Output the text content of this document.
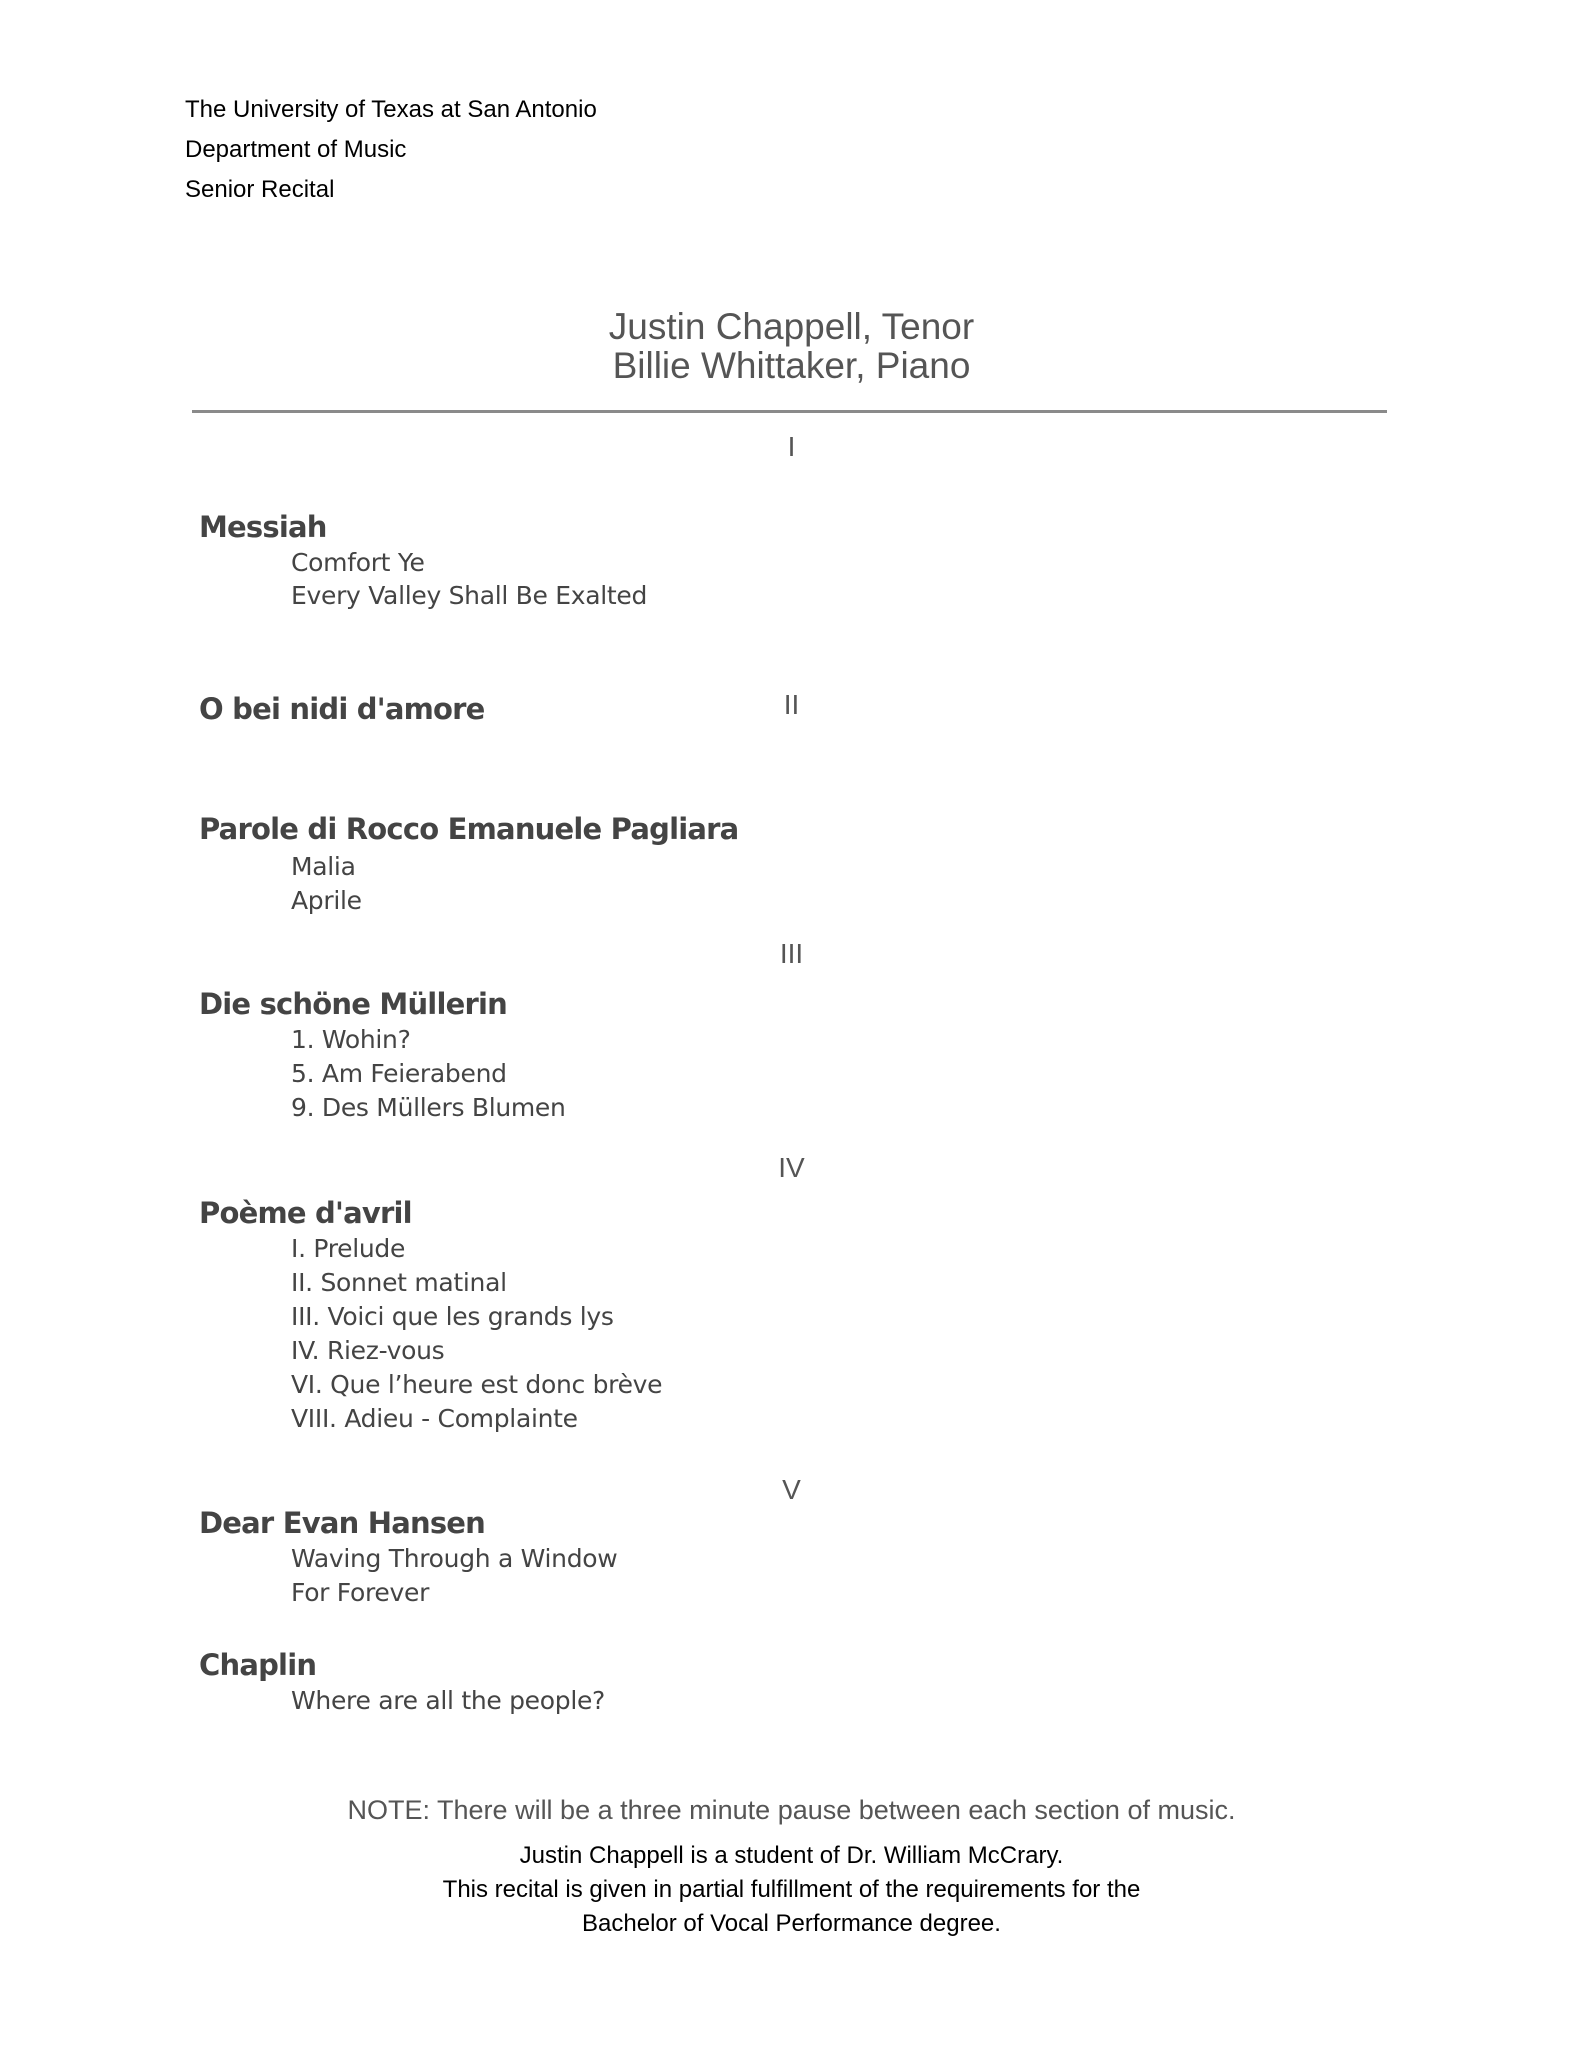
The University of Texas at San Antonio
Department of Music
Senior Recital
Justin Chappell, Tenor
Billie Whittaker, Piano
I
Messiah
Comfort Ye
Every Valley Shall Be Exalted
O bei nidi d'amore	II
Parole di Rocco Emanuele Pagliara
Malia
Aprile
III
Die schöne Müllerin
1. Wohin?
5. Am Feierabend
9. Des Müllers Blumen
IV
Poème d'avril
I. Prelude
II. Sonnet matinal
III. Voici que les grands lys
IV. Riez-vous
VI. Que l’heure est donc brève
VIII. Adieu - Complainte
V
Dear Evan Hansen
Waving Through a Window
For Forever
Chaplin
Where are all the people?
NOTE: There will be a three minute pause between each section of music.
Justin Chappell is a student of Dr. William McCrary.
This recital is given in partial fulfillment of the requirements for the
Bachelor of Vocal Performance degree.
